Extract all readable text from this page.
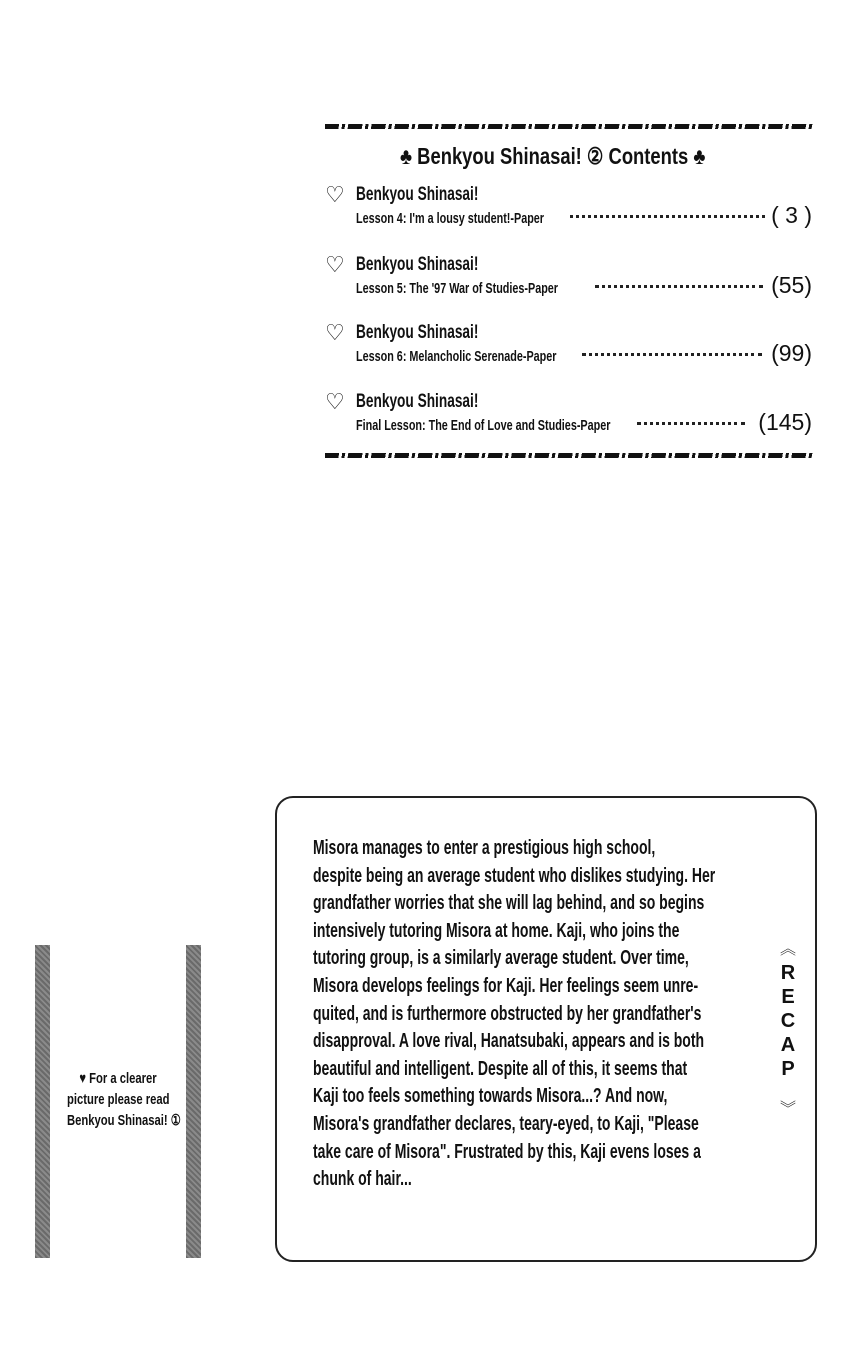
♣ Benkyou Shinasai! ② Contents ♣
♡ Benkyou Shinasai!
Lesson 4: I'm a lousy student!-Paper	( 3 )
♡ Benkyou Shinasai!
Lesson 5: The '97 War of Studies-Paper	(55)
♡ Benkyou Shinasai!
Lesson 6: Melancholic Serenade-Paper	(99)
♡ Benkyou Shinasai!
Final Lesson: The End of Love and Studies-Paper	(145)
♥ For a clearer
picture please read
Benkyou Shinasai! ①
Misora manages to enter a prestigious high school,
despite being an average student who dislikes studying. Her
grandfather worries that she will lag behind, and so begins
intensively tutoring Misora at home. Kaji, who joins the
tutoring group, is a similarly average student. Over time,
Misora develops feelings for Kaji. Her feelings seem unre-
quited, and is furthermore obstructed by her grandfather's
disapproval. A love rival, Hanatsubaki, appears and is both
beautiful and intelligent. Despite all of this, it seems that
Kaji too feels something towards Misora...? And now,
Misora's grandfather declares, teary-eyed, to Kaji, "Please
take care of Misora". Frustrated by this, Kaji evens loses a
chunk of hair...
︽
RECAP
︾
